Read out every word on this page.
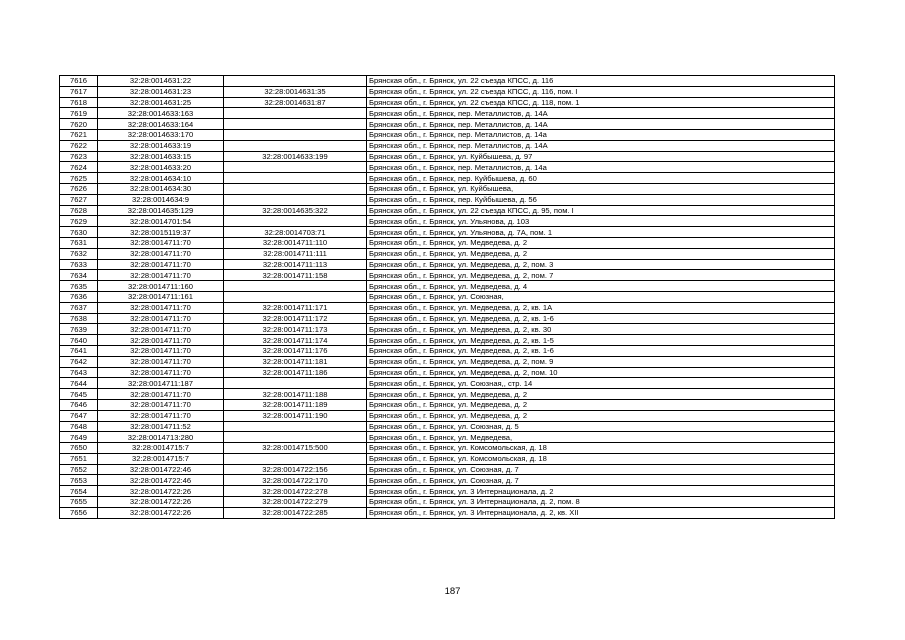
7616	32:28:0014631:22		Брянская обл., г. Брянск, ул. 22 съезда КПСС, д. 116
7617	32:28:0014631:23	32:28:0014631:35	Брянская обл., г. Брянск, ул. 22 съезда КПСС, д. 116, пом. I
7618	32:28:0014631:25	32:28:0014631:87	Брянская обл., г. Брянск, ул. 22 съезда КПСС, д. 118, пом. 1
7619	32:28:0014633:163		Брянская обл., г. Брянск, пер. Металлистов, д. 14А
7620	32:28:0014633:164		Брянская обл., г. Брянск, пер. Металлистов, д. 14А
7621	32:28:0014633:170		Брянская обл., г. Брянск, пер. Металлистов, д. 14а
7622	32:28:0014633:19		Брянская обл., г. Брянск, пер. Металлистов, д. 14А
7623	32:28:0014633:15	32:28:0014633:199	Брянская обл., г. Брянск, ул. Куйбышева, д. 97
7624	32:28:0014633:20		Брянская обл., г. Брянск, пер. Металлистов, д. 14а
7625	32:28:0014634:10		Брянская обл., г. Брянск, пер. Куйбышева, д. 60
7626	32:28:0014634:30		Брянская обл., г. Брянск, ул. Куйбышева,
7627	32:28:0014634:9		Брянская обл., г. Брянск, пер. Куйбышева, д. 56
7628	32:28:0014635:129	32:28:0014635:322	Брянская обл., г. Брянск, ул. 22 съезда КПСС, д. 95, пом. I
7629	32:28:0014701:54		Брянская обл., г. Брянск, ул. Ульянова, д. 103
7630	32:28:0015119:37	32:28:0014703:71	Брянская обл., г. Брянск, ул. Ульянова, д. 7А, пом. 1
7631	32:28:0014711:70	32:28:0014711:110	Брянская обл., г. Брянск, ул. Медведева, д. 2
7632	32:28:0014711:70	32:28:0014711:111	Брянская обл., г. Брянск, ул. Медведева, д. 2
7633	32:28:0014711:70	32:28:0014711:113	Брянская обл., г. Брянск, ул. Медведева, д. 2, пом. 3
7634	32:28:0014711:70	32:28:0014711:158	Брянская обл., г. Брянск, ул. Медведева, д. 2, пом. 7
7635	32:28:0014711:160		Брянская обл., г. Брянск, ул. Медведева, д. 4
7636	32:28:0014711:161		Брянская обл., г. Брянск, ул. Союзная,
7637	32:28:0014711:70	32:28:0014711:171	Брянская обл., г. Брянск, ул. Медведева, д. 2, кв. 1А
7638	32:28:0014711:70	32:28:0014711:172	Брянская обл., г. Брянск, ул. Медведева, д. 2, кв. 1-6
7639	32:28:0014711:70	32:28:0014711:173	Брянская обл., г. Брянск, ул. Медведева, д. 2, кв. 30
7640	32:28:0014711:70	32:28:0014711:174	Брянская обл., г. Брянск, ул. Медведева, д. 2, кв. 1-5
7641	32:28:0014711:70	32:28:0014711:176	Брянская обл., г. Брянск, ул. Медведева, д. 2, кв. 1-6
7642	32:28:0014711:70	32:28:0014711:181	Брянская обл., г. Брянск, ул. Медведева, д. 2, пом. 9
7643	32:28:0014711:70	32:28:0014711:186	Брянская обл., г. Брянск, ул. Медведева, д. 2, пом. 10
7644	32:28:0014711:187		Брянская обл., г. Брянск, ул. Союзная,, стр. 14
7645	32:28:0014711:70	32:28:0014711:188	Брянская обл., г. Брянск, ул. Медведева, д. 2
7646	32:28:0014711:70	32:28:0014711:189	Брянская обл., г. Брянск, ул. Медведева, д. 2
7647	32:28:0014711:70	32:28:0014711:190	Брянская обл., г. Брянск, ул. Медведева, д. 2
7648	32:28:0014711:52		Брянская обл., г. Брянск, ул. Союзная, д. 5
7649	32:28:0014713:280		Брянская обл., г. Брянск, ул. Медведева,
7650	32:28:0014715:7	32:28:0014715:500	Брянская обл., г. Брянск, ул. Комсомольская, д. 18
7651	32:28:0014715:7		Брянская обл., г. Брянск, ул. Комсомольская, д. 18
7652	32:28:0014722:46	32:28:0014722:156	Брянская обл., г. Брянск, ул. Союзная, д. 7
7653	32:28:0014722:46	32:28:0014722:170	Брянская обл., г. Брянск, ул. Союзная, д. 7
7654	32:28:0014722:26	32:28:0014722:278	Брянская обл., г. Брянск, ул. 3 Интернационала, д. 2
7655	32:28:0014722:26	32:28:0014722:279	Брянская обл., г. Брянск, ул. 3 Интернационала, д. 2, пом. 8
7656	32:28:0014722:26	32:28:0014722:285	Брянская обл., г. Брянск, ул. 3 Интернационала, д. 2, кв. XII
187
